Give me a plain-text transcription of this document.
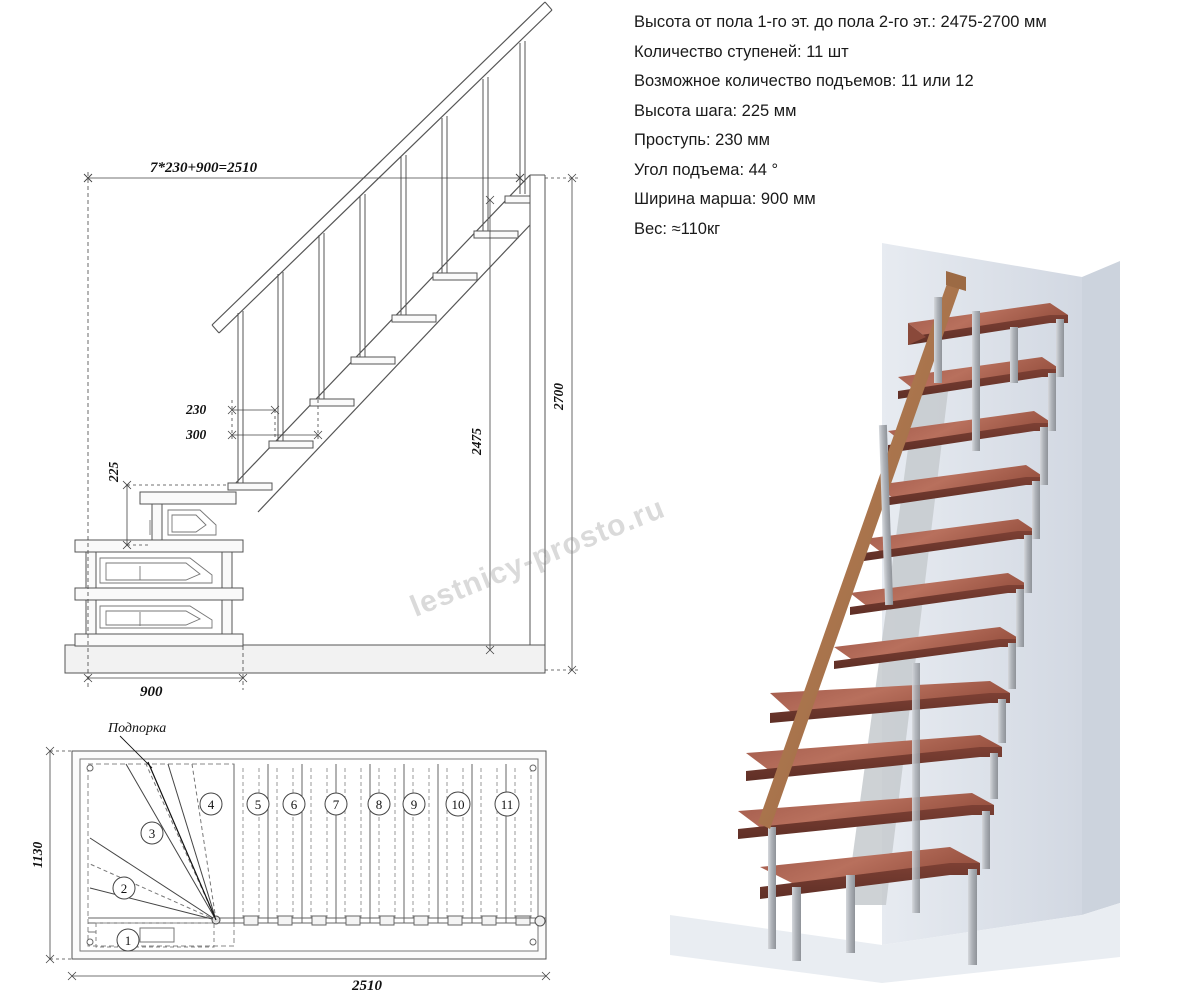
Высота от пола 1-го эт. до пола 2-го эт.: 2475-2700 мм
Количество ступеней: 11 шт
Возможное количество подъемов: 11 или 12
Высота шага: 225 мм
Проступь: 230 мм
Угол подъема: 44 °
Ширина марша: 900 мм
Вес: ≈110кг
7*230+900=2510
230
300
225
2700
2475
900
1
2
3
4	5 6	7	8 9	10	11
1130
2510
Подпорка
lestnicy-prosto.ru
